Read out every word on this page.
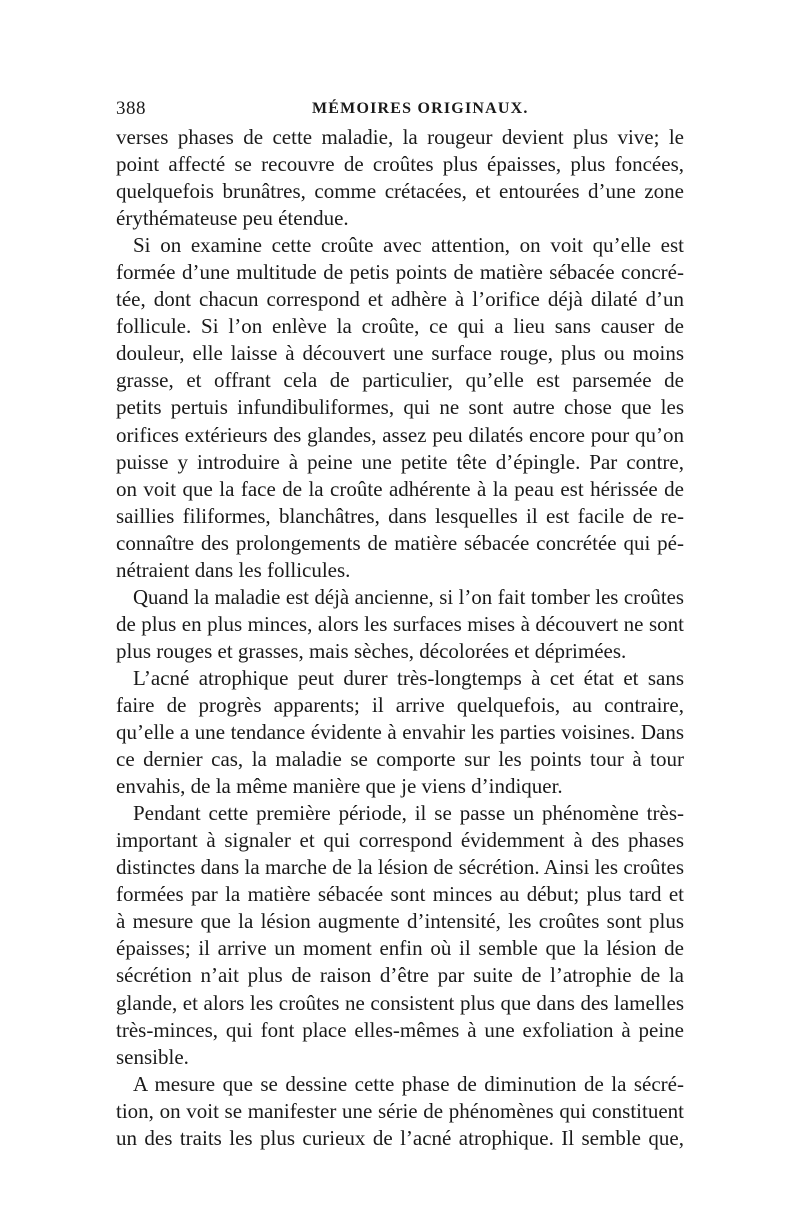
388	MÉMOIRES ORIGINAUX.
verses phases de cette maladie, la rougeur devient plus vive; le
point affecté se recouvre de croûtes plus épaisses, plus foncées,
quelquefois brunâtres, comme crétacées, et entourées d’une zone
érythémateuse peu étendue.
Si on examine cette croûte avec attention, on voit qu’elle est
formée d’une multitude de petis points de matière sébacée concré-
tée, dont chacun correspond et adhère à l’orifice déjà dilaté d’un
follicule. Si l’on enlève la croûte, ce qui a lieu sans causer de
douleur, elle laisse à découvert une surface rouge, plus ou moins
grasse, et offrant cela de particulier, qu’elle est parsemée de
petits pertuis infundibuliformes, qui ne sont autre chose que les
orifices extérieurs des glandes, assez peu dilatés encore pour qu’on
puisse y introduire à peine une petite tête d’épingle. Par contre,
on voit que la face de la croûte adhérente à la peau est hérissée de
saillies filiformes, blanchâtres, dans lesquelles il est facile de re-
connaître des prolongements de matière sébacée concrétée qui pé-
nétraient dans les follicules.
Quand la maladie est déjà ancienne, si l’on fait tomber les croûtes
de plus en plus minces, alors les surfaces mises à découvert ne sont
plus rouges et grasses, mais sèches, décolorées et déprimées.
L’acné atrophique peut durer très-longtemps à cet état et sans
faire de progrès apparents; il arrive quelquefois, au contraire,
qu’elle a une tendance évidente à envahir les parties voisines. Dans
ce dernier cas, la maladie se comporte sur les points tour à tour
envahis, de la même manière que je viens d’indiquer.
Pendant cette première période, il se passe un phénomène très-
important à signaler et qui correspond évidemment à des phases
distinctes dans la marche de la lésion de sécrétion. Ainsi les croûtes
formées par la matière sébacée sont minces au début; plus tard et
à mesure que la lésion augmente d’intensité, les croûtes sont plus
épaisses; il arrive un moment enfin où il semble que la lésion de
sécrétion n’ait plus de raison d’être par suite de l’atrophie de la
glande, et alors les croûtes ne consistent plus que dans des lamelles
très-minces, qui font place elles-mêmes à une exfoliation à peine
sensible.
A mesure que se dessine cette phase de diminution de la sécré-
tion, on voit se manifester une série de phénomènes qui constituent
un des traits les plus curieux de l’acné atrophique. Il semble que,
